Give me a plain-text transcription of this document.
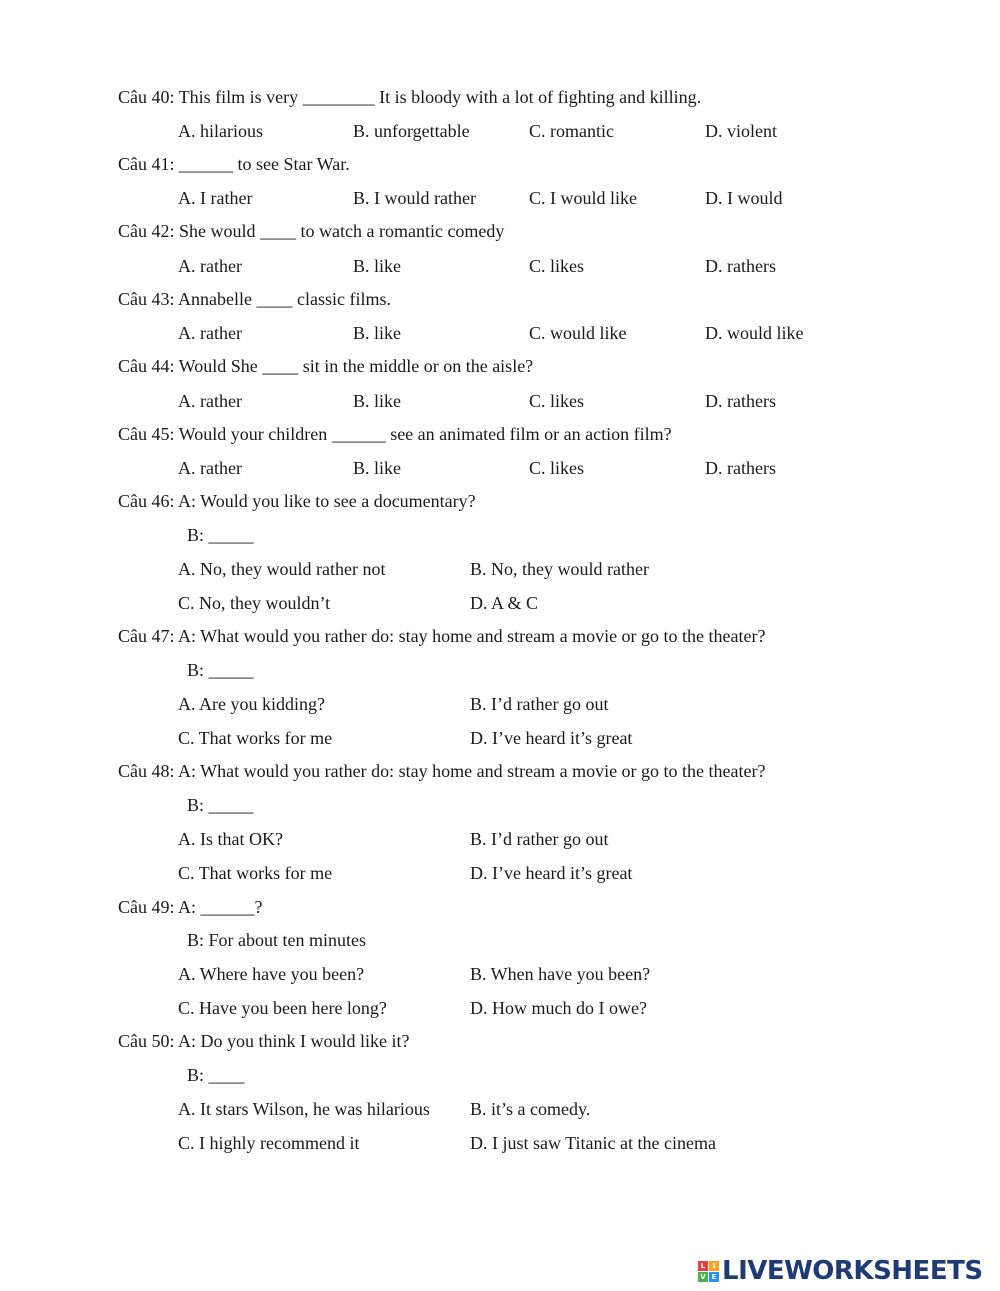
Câu 40: This film is very ________ It is bloody with a lot of fighting and killing.
A. hilarious	B. unforgettable	C. romantic	D. violent
Câu 41: ______ to see Star War.
A. I rather	B. I would rather	C. I would like	D. I would
Câu 42: She would ____ to watch a romantic comedy
A. rather	B. like	C. likes	D. rathers
Câu 43: Annabelle ____ classic films.
A. rather	B. like	C. would like	D. would like
Câu 44: Would She ____ sit in the middle or on the aisle?
A. rather	B. like	C. likes	D. rathers
Câu 45: Would your children ______ see an animated film or an action film?
A. rather	B. like	C. likes	D. rathers
Câu 46: A: Would you like to see a documentary?
B: _____
A. No, they would rather not	B. No, they would rather
C. No, they wouldn’t	D. A & C
Câu 47: A: What would you rather do: stay home and stream a movie or go to the theater?
B: _____
A. Are you kidding?	B. I’d rather go out
C. That works for me	D. I’ve heard it’s great
Câu 48: A: What would you rather do: stay home and stream a movie or go to the theater?
B: _____
A. Is that OK?	B. I’d rather go out
C. That works for me	D. I’ve heard it’s great
Câu 49: A: ______?
B: For about ten minutes
A. Where have you been?	B. When have you been?
C. Have you been here long?	D. How much do I owe?
Câu 50: A: Do you think I would like it?
B: ____
A. It stars Wilson, he was hilarious B. it’s a comedy.
C. I highly recommend it	D. I just saw Titanic at the cinema
L	I
V E LIVEWORKSHEETS
